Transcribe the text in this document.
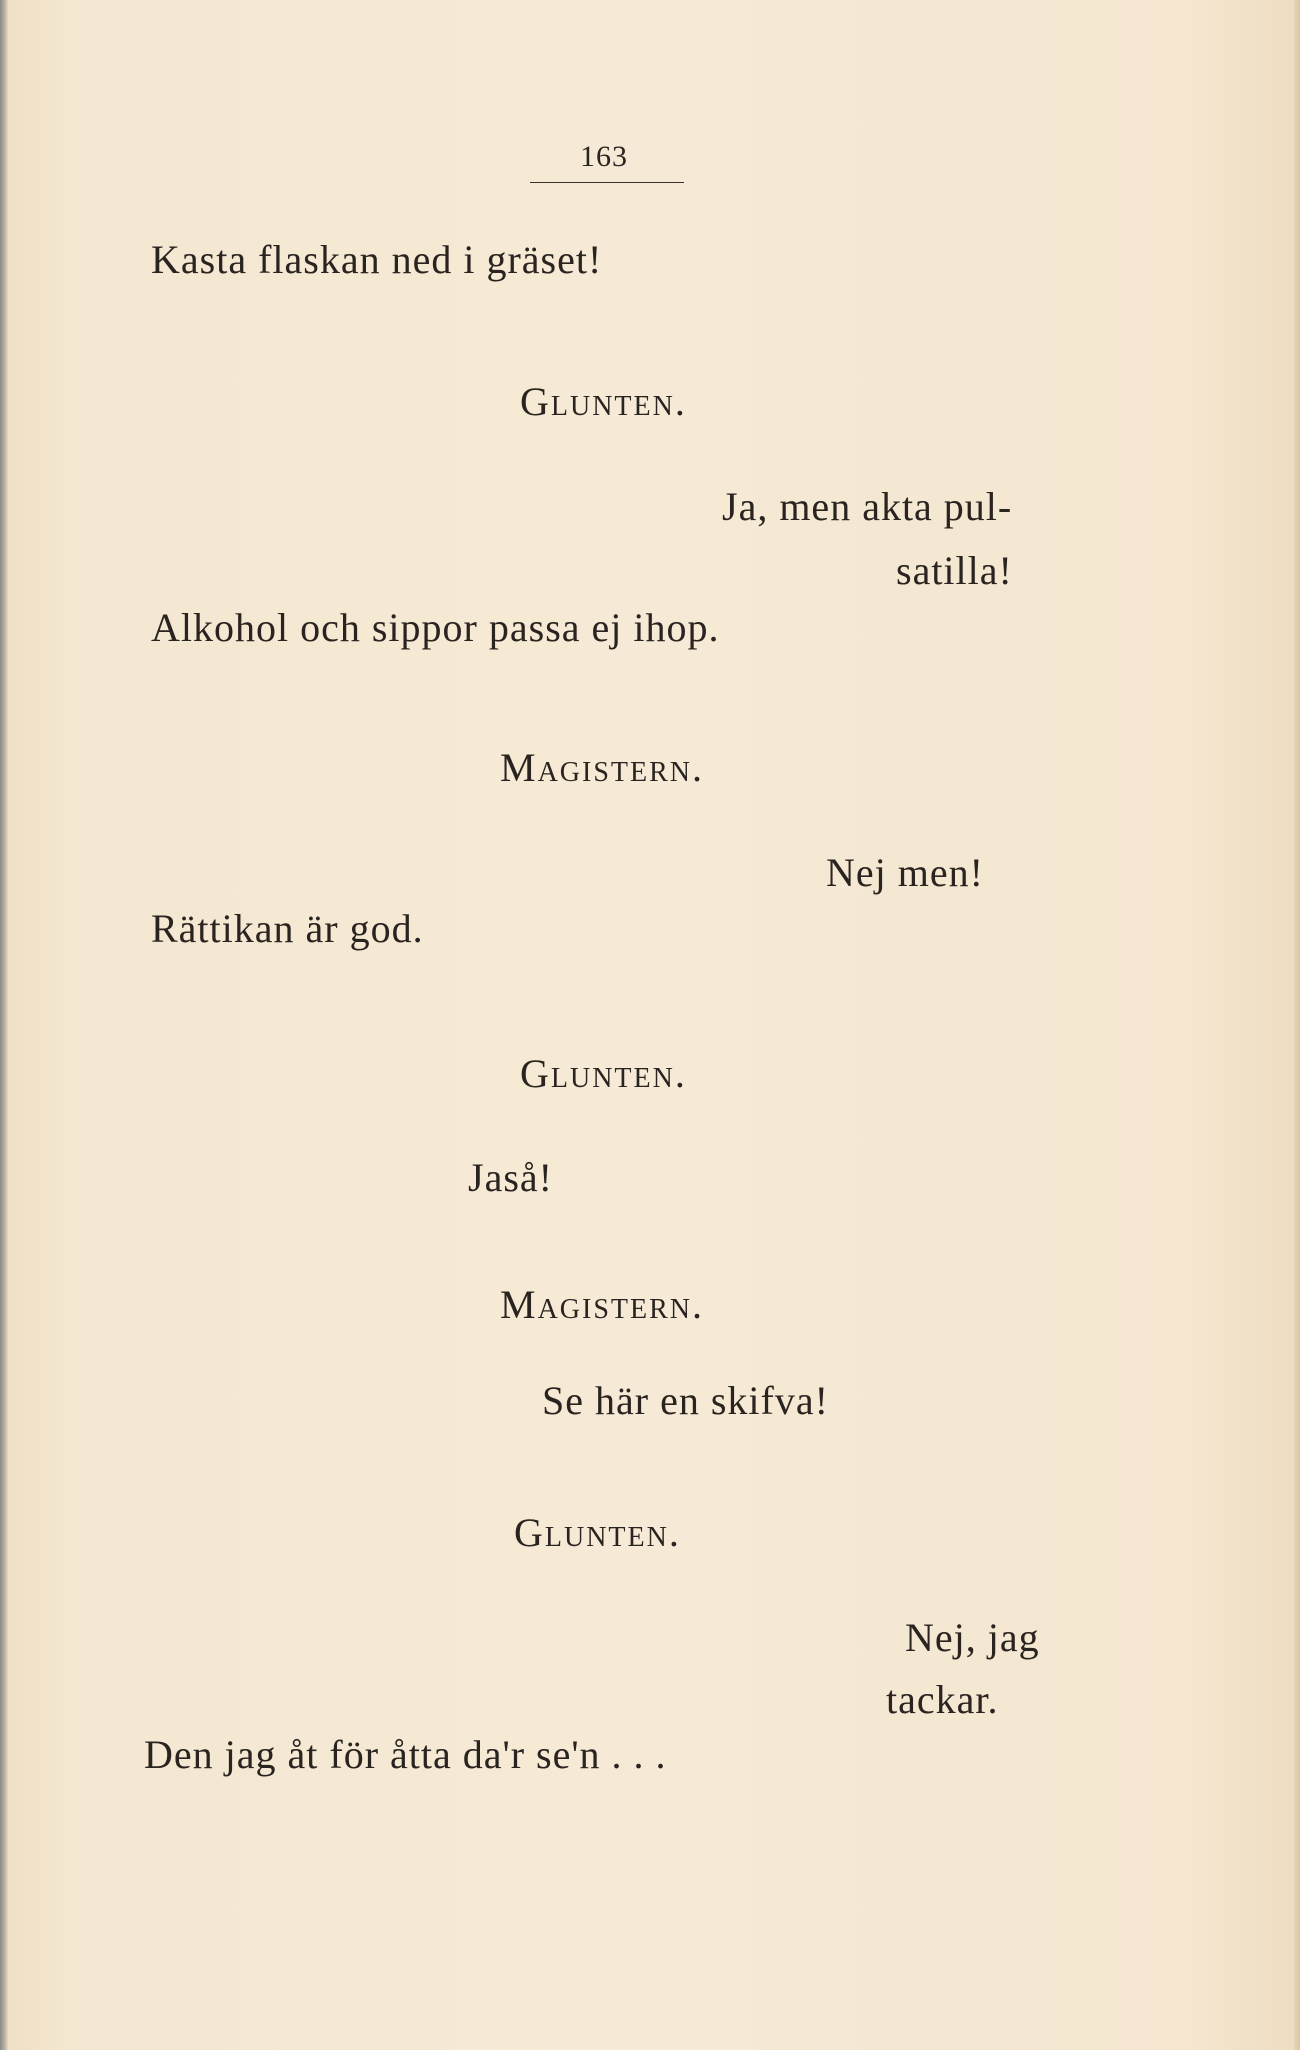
163
Kasta flaskan ned i gräset!
Glunten.
Ja, men akta pul-
satilla!
Alkohol och sippor passa ej ihop.
Magistern.
Nej men!
Rättikan är god.
Glunten.
Jaså!
Magistern.
Se här en skifva!
Glunten.
Nej, jag
tackar.
Den jag åt för åtta da'r se'n . . .
